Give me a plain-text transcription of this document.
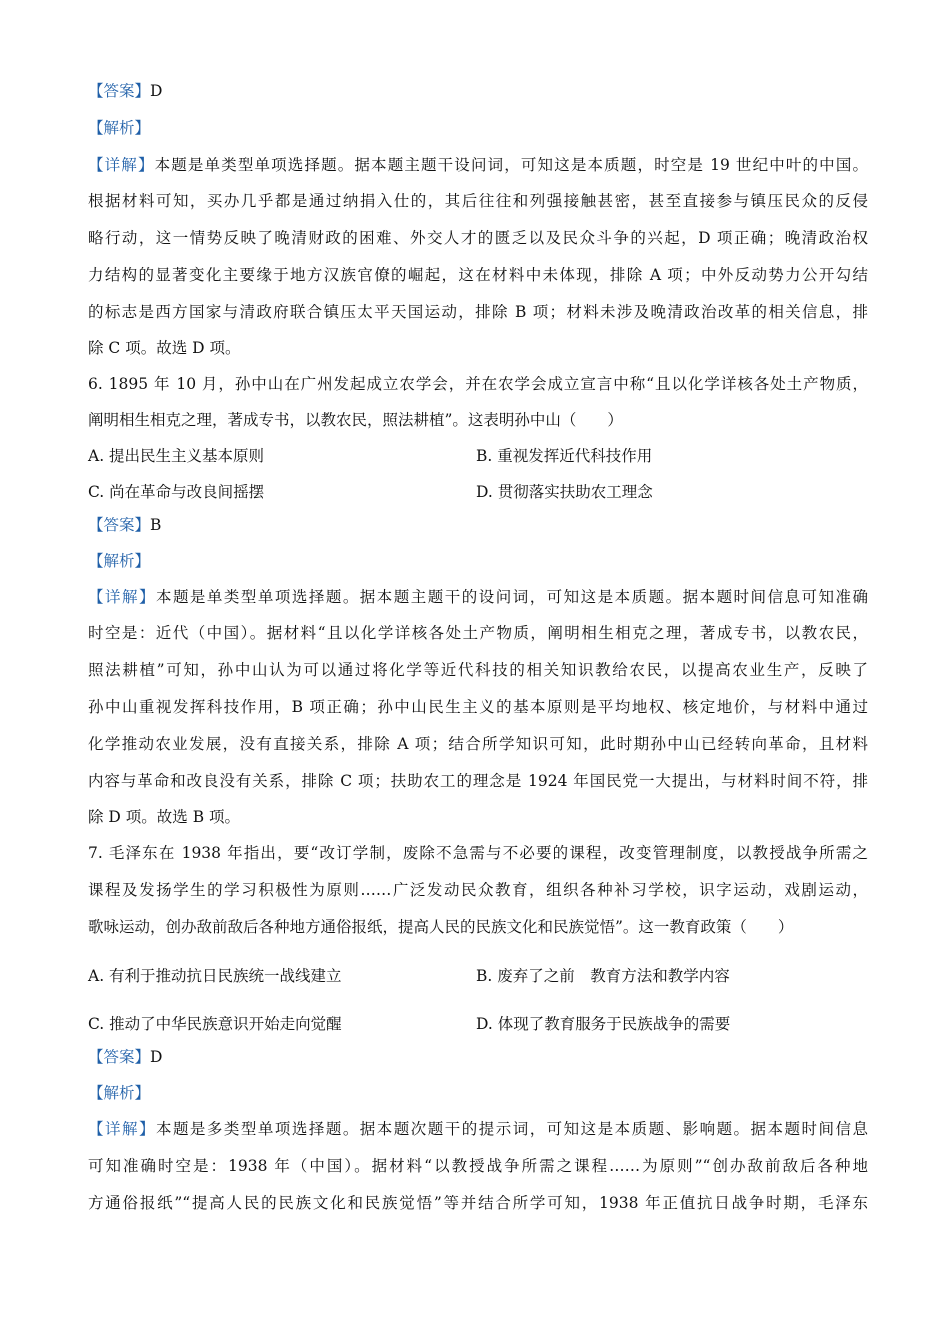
【答案】D
【解析】
【详解】本题是单类型单项选择题。据本题主题干设问词，可知这是本质题，时空是 19 世纪中叶的中国。
根据材料可知，买办几乎都是通过纳捐入仕的，其后往往和列强接触甚密，甚至直接参与镇压民众的反侵
略行动，这一情势反映了晚清财政的困难、外交人才的匮乏以及民众斗争的兴起，D 项正确；晚清政治权
力结构的显著变化主要缘于地方汉族官僚的崛起，这在材料中未体现，排除 A 项；中外反动势力公开勾结
的标志是西方国家与清政府联合镇压太平天国运动，排除 B 项；材料未涉及晚清政治改革的相关信息，排
除 C 项。故选 D 项。
6. 1895 年 10 月，孙中山在广州发起成立农学会，并在农学会成立宣言中称“且以化学详核各处土产物质，
阐明相生相克之理，著成专书，以教农民，照法耕植”。这表明孙中山（　　）
A. 提出民生主义基本原则	B. 重视发挥近代科技作用
C. 尚在革命与改良间摇摆	D. 贯彻落实扶助农工理念
【答案】B
【解析】
【详解】本题是单类型单项选择题。据本题主题干的设问词，可知这是本质题。据本题时间信息可知准确
时空是：近代（中国）。据材料“且以化学详核各处土产物质，阐明相生相克之理，著成专书，以教农民，
照法耕植”可知，孙中山认为可以通过将化学等近代科技的相关知识教给农民，以提高农业生产，反映了
孙中山重视发挥科技作用，B 项正确；孙中山民生主义的基本原则是平均地权、核定地价，与材料中通过
化学推动农业发展，没有直接关系，排除 A 项；结合所学知识可知，此时期孙中山已经转向革命，且材料
内容与革命和改良没有关系，排除 C 项；扶助农工的理念是 1924 年国民党一大提出，与材料时间不符，排
除 D 项。故选 B 项。
7. 毛泽东在 1938 年指出，要“改订学制，废除不急需与不必要的课程，改变管理制度，以教授战争所需之
课程及发扬学生的学习积极性为原则……广泛发动民众教育，组织各种补习学校，识字运动，戏剧运动，
歌咏运动，创办敌前敌后各种地方通俗报纸，提高人民的民族文化和民族觉悟”。这一教育政策（　　）
A. 有利于推动抗日民族统一战线建立	B. 废弃了之前　教育方法和教学内容
C. 推动了中华民族意识开始走向觉醒	D. 体现了教育服务于民族战争的需要
【答案】D
【解析】
【详解】本题是多类型单项选择题。据本题次题干的提示词，可知这是本质题、影响题。据本题时间信息
可知准确时空是：1938 年（中国）。据材料“以教授战争所需之课程……为原则”“创办敌前敌后各种地
方通俗报纸”“提高人民的民族文化和民族觉悟”等并结合所学可知，1938 年正值抗日战争时期，毛泽东
